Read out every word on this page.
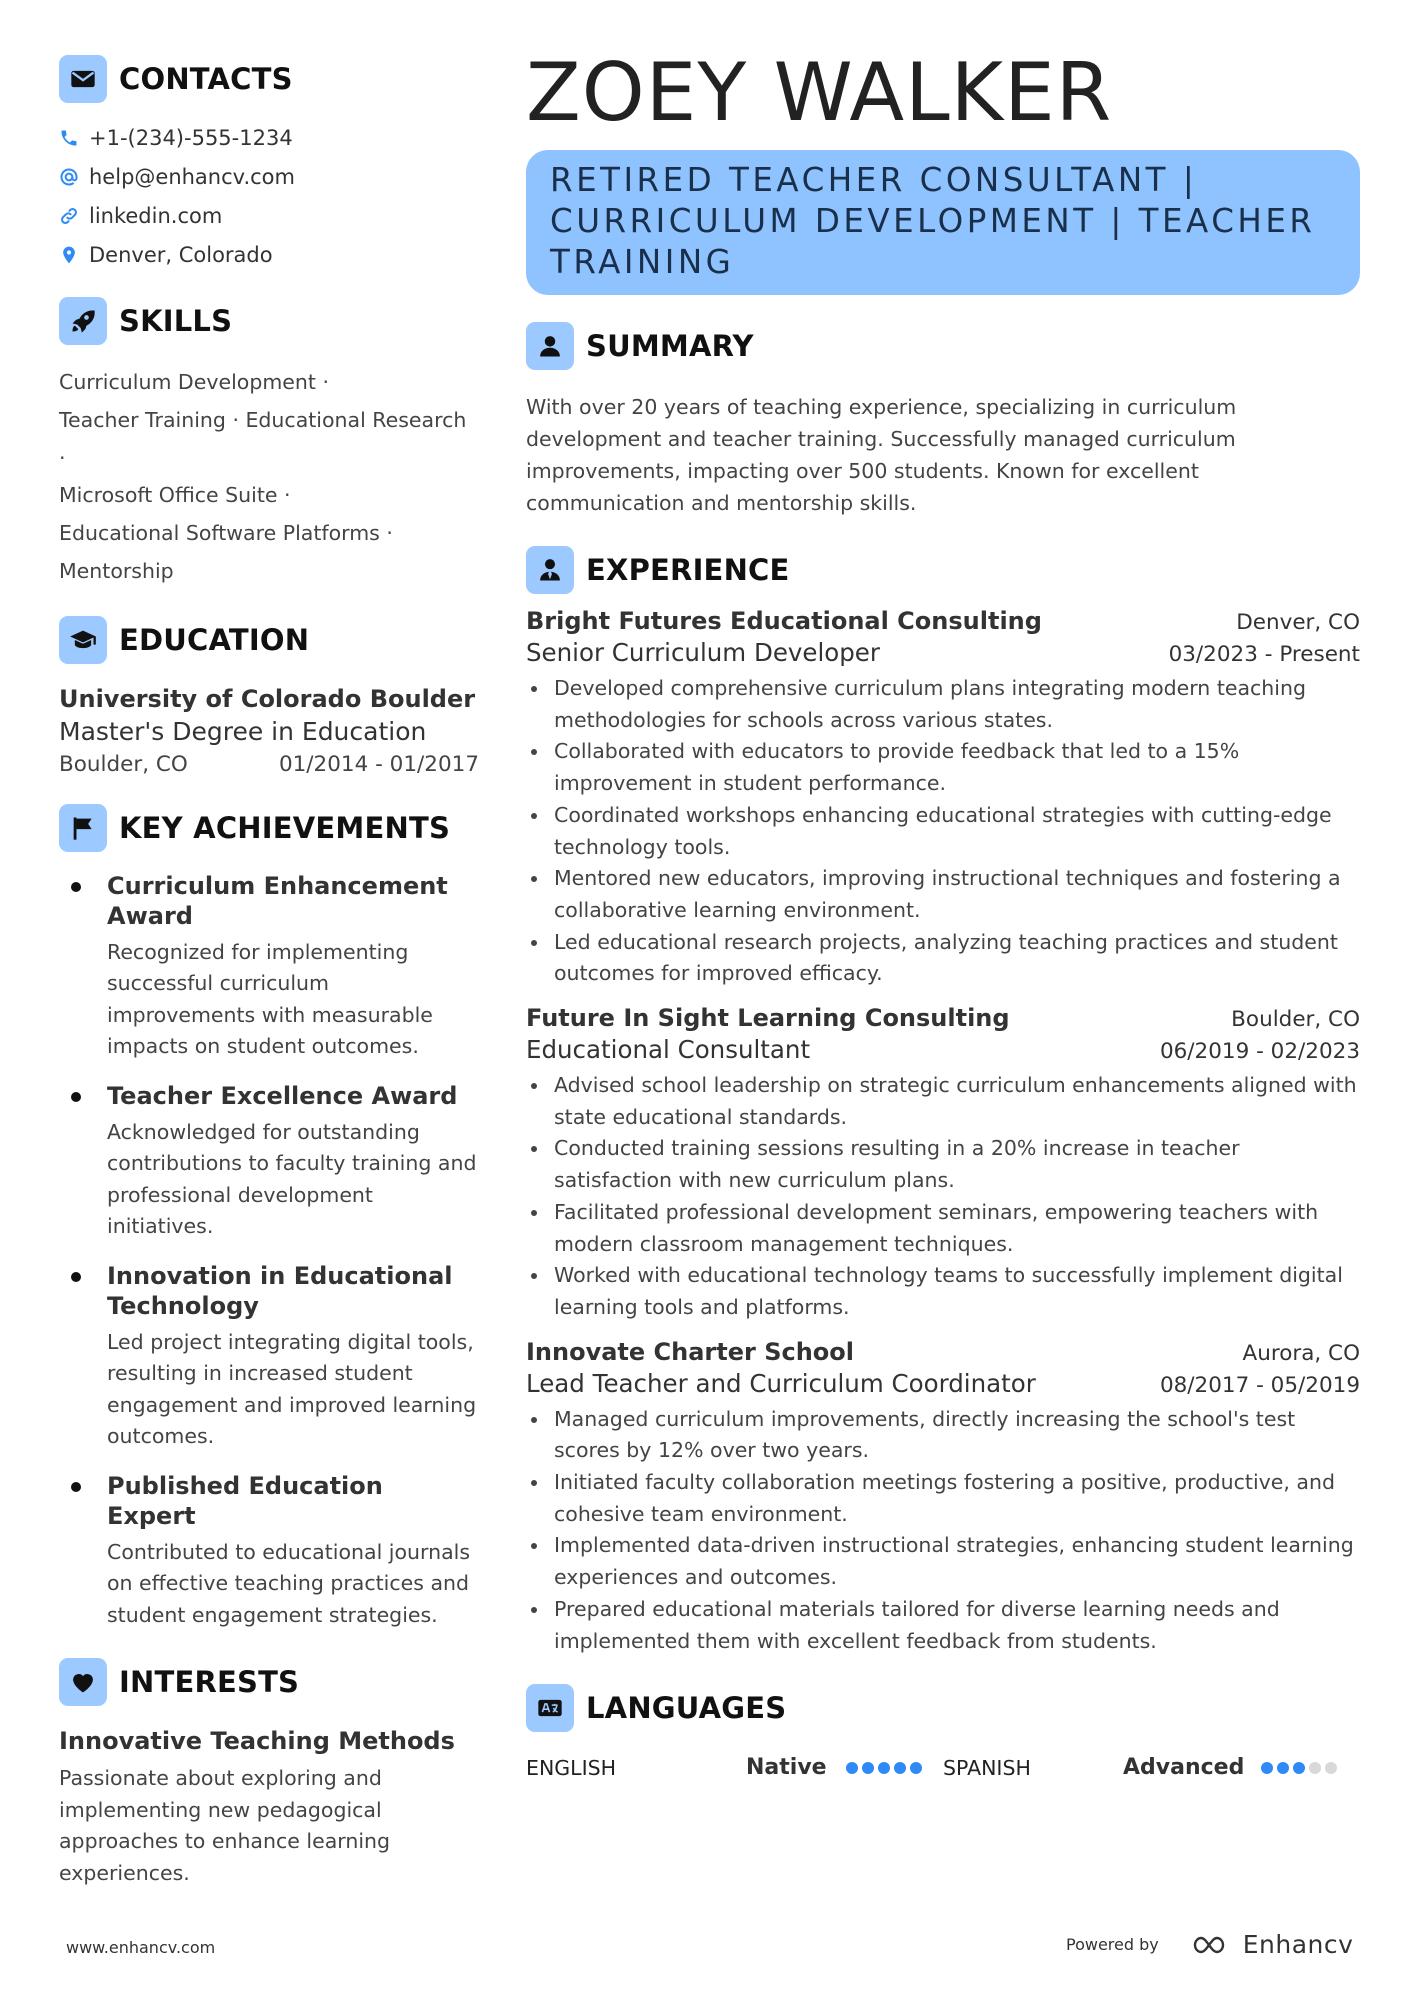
CONTACTS
+1-(234)-555-1234
help@enhancv.com
linkedin.com
Denver, Colorado
SKILLS
Curriculum Development ·
Teacher Training · Educational Research ·
Microsoft Office Suite ·
Educational Software Platforms ·
Mentorship
EDUCATION
University of Colorado Boulder
Master's Degree in Education
Boulder, CO	01/2014 - 01/2017
KEY ACHIEVEMENTS
Curriculum Enhancement Award
Recognized for implementing successful curriculum improvements with measurable impacts on student outcomes.
Teacher Excellence Award
Acknowledged for outstanding contributions to faculty training and professional development initiatives.
Innovation in Educational Technology
Led project integrating digital tools, resulting in increased student engagement and improved learning outcomes.
Published Education Expert
Contributed to educational journals on effective teaching practices and student engagement strategies.
INTERESTS
Innovative Teaching Methods
Passionate about exploring and implementing new pedagogical approaches to enhance learning experiences.
ZOEY WALKER
RETIRED TEACHER CONSULTANT | CURRICULUM DEVELOPMENT | TEACHER TRAINING
SUMMARY
With over 20 years of teaching experience, specializing in curriculum development and teacher training. Successfully managed curriculum improvements, impacting over 500 students. Known for excellent communication and mentorship skills.
EXPERIENCE
Bright Futures Educational Consulting	Denver, CO
Senior Curriculum Developer	03/2023 - Present
Developed comprehensive curriculum plans integrating modern teaching methodologies for schools across various states.
Collaborated with educators to provide feedback that led to a 15% improvement in student performance.
Coordinated workshops enhancing educational strategies with cutting-edge technology tools.
Mentored new educators, improving instructional techniques and fostering a collaborative learning environment.
Led educational research projects, analyzing teaching practices and student outcomes for improved efficacy.
Future In Sight Learning Consulting	Boulder, CO
Educational Consultant	06/2019 - 02/2023
Advised school leadership on strategic curriculum enhancements aligned with state educational standards.
Conducted training sessions resulting in a 20% increase in teacher satisfaction with new curriculum plans.
Facilitated professional development seminars, empowering teachers with modern classroom management techniques.
Worked with educational technology teams to successfully implement digital learning tools and platforms.
Innovate Charter School	Aurora, CO
Lead Teacher and Curriculum Coordinator	08/2017 - 05/2019
Managed curriculum improvements, directly increasing the school's test scores by 12% over two years.
Initiated faculty collaboration meetings fostering a positive, productive, and cohesive team environment.
Implemented data-driven instructional strategies, enhancing student learning experiences and outcomes.
Prepared educational materials tailored for diverse learning needs and implemented them with excellent feedback from students.
LANGUAGES
ENGLISH	Native	SPANISH	Advanced
www.enhancv.com	Powered by	Enhancv
